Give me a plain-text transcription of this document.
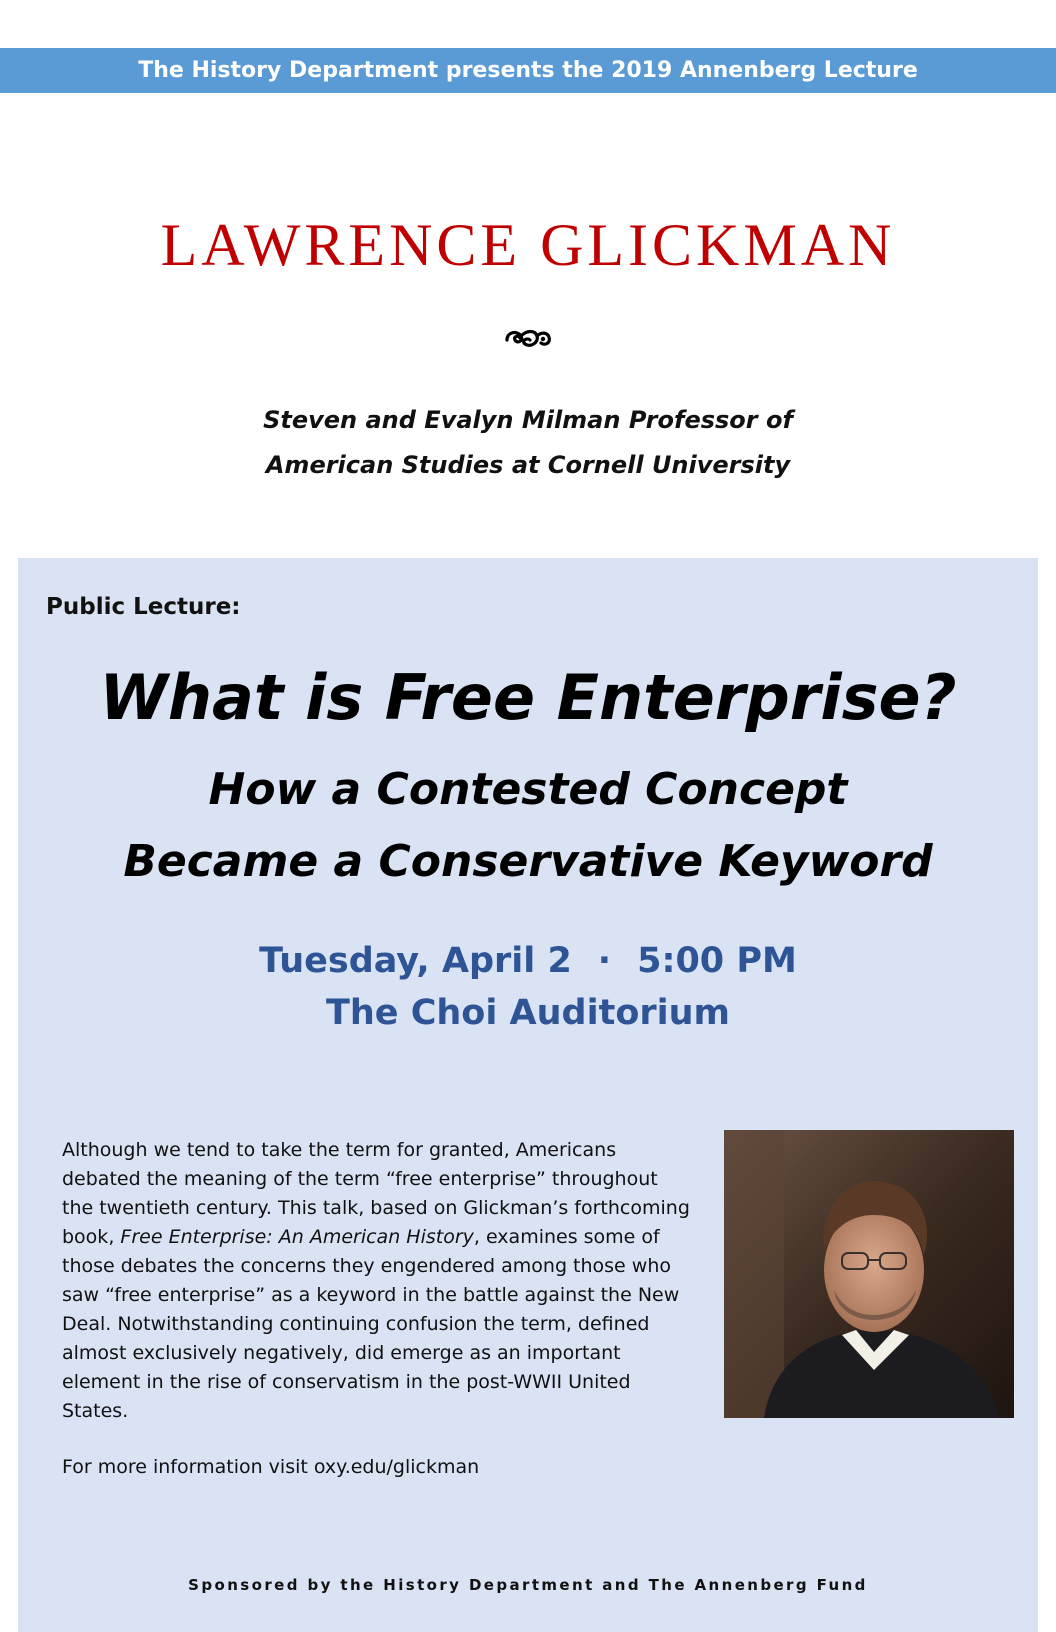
The History Department presents the 2019 Annenberg Lecture
LAWRENCE GLICKMAN
Steven and Evalyn Milman Professor of
American Studies at Cornell University
Public Lecture:
What is Free Enterprise?
How a Contested Concept
Became a Conservative Keyword
Tuesday, April 2 · 5:00 PM
The Choi Auditorium

Although we tend to take the term for granted, Americans debated the meaning of the term “free enterprise” throughout the twentieth century. This talk, based on Glickman’s forthcoming book, Free Enterprise: An American History, examines some of those debates the concerns they engendered among those who saw “free enterprise” as a keyword in the battle against the New Deal. Notwithstanding continuing confusion the term, defined almost exclusively negatively, did emerge as an important element in the rise of conservatism in the post-WWII United States.

For more information visit oxy.edu/glickman
Sponsored by the History Department and The Annenberg Fund
